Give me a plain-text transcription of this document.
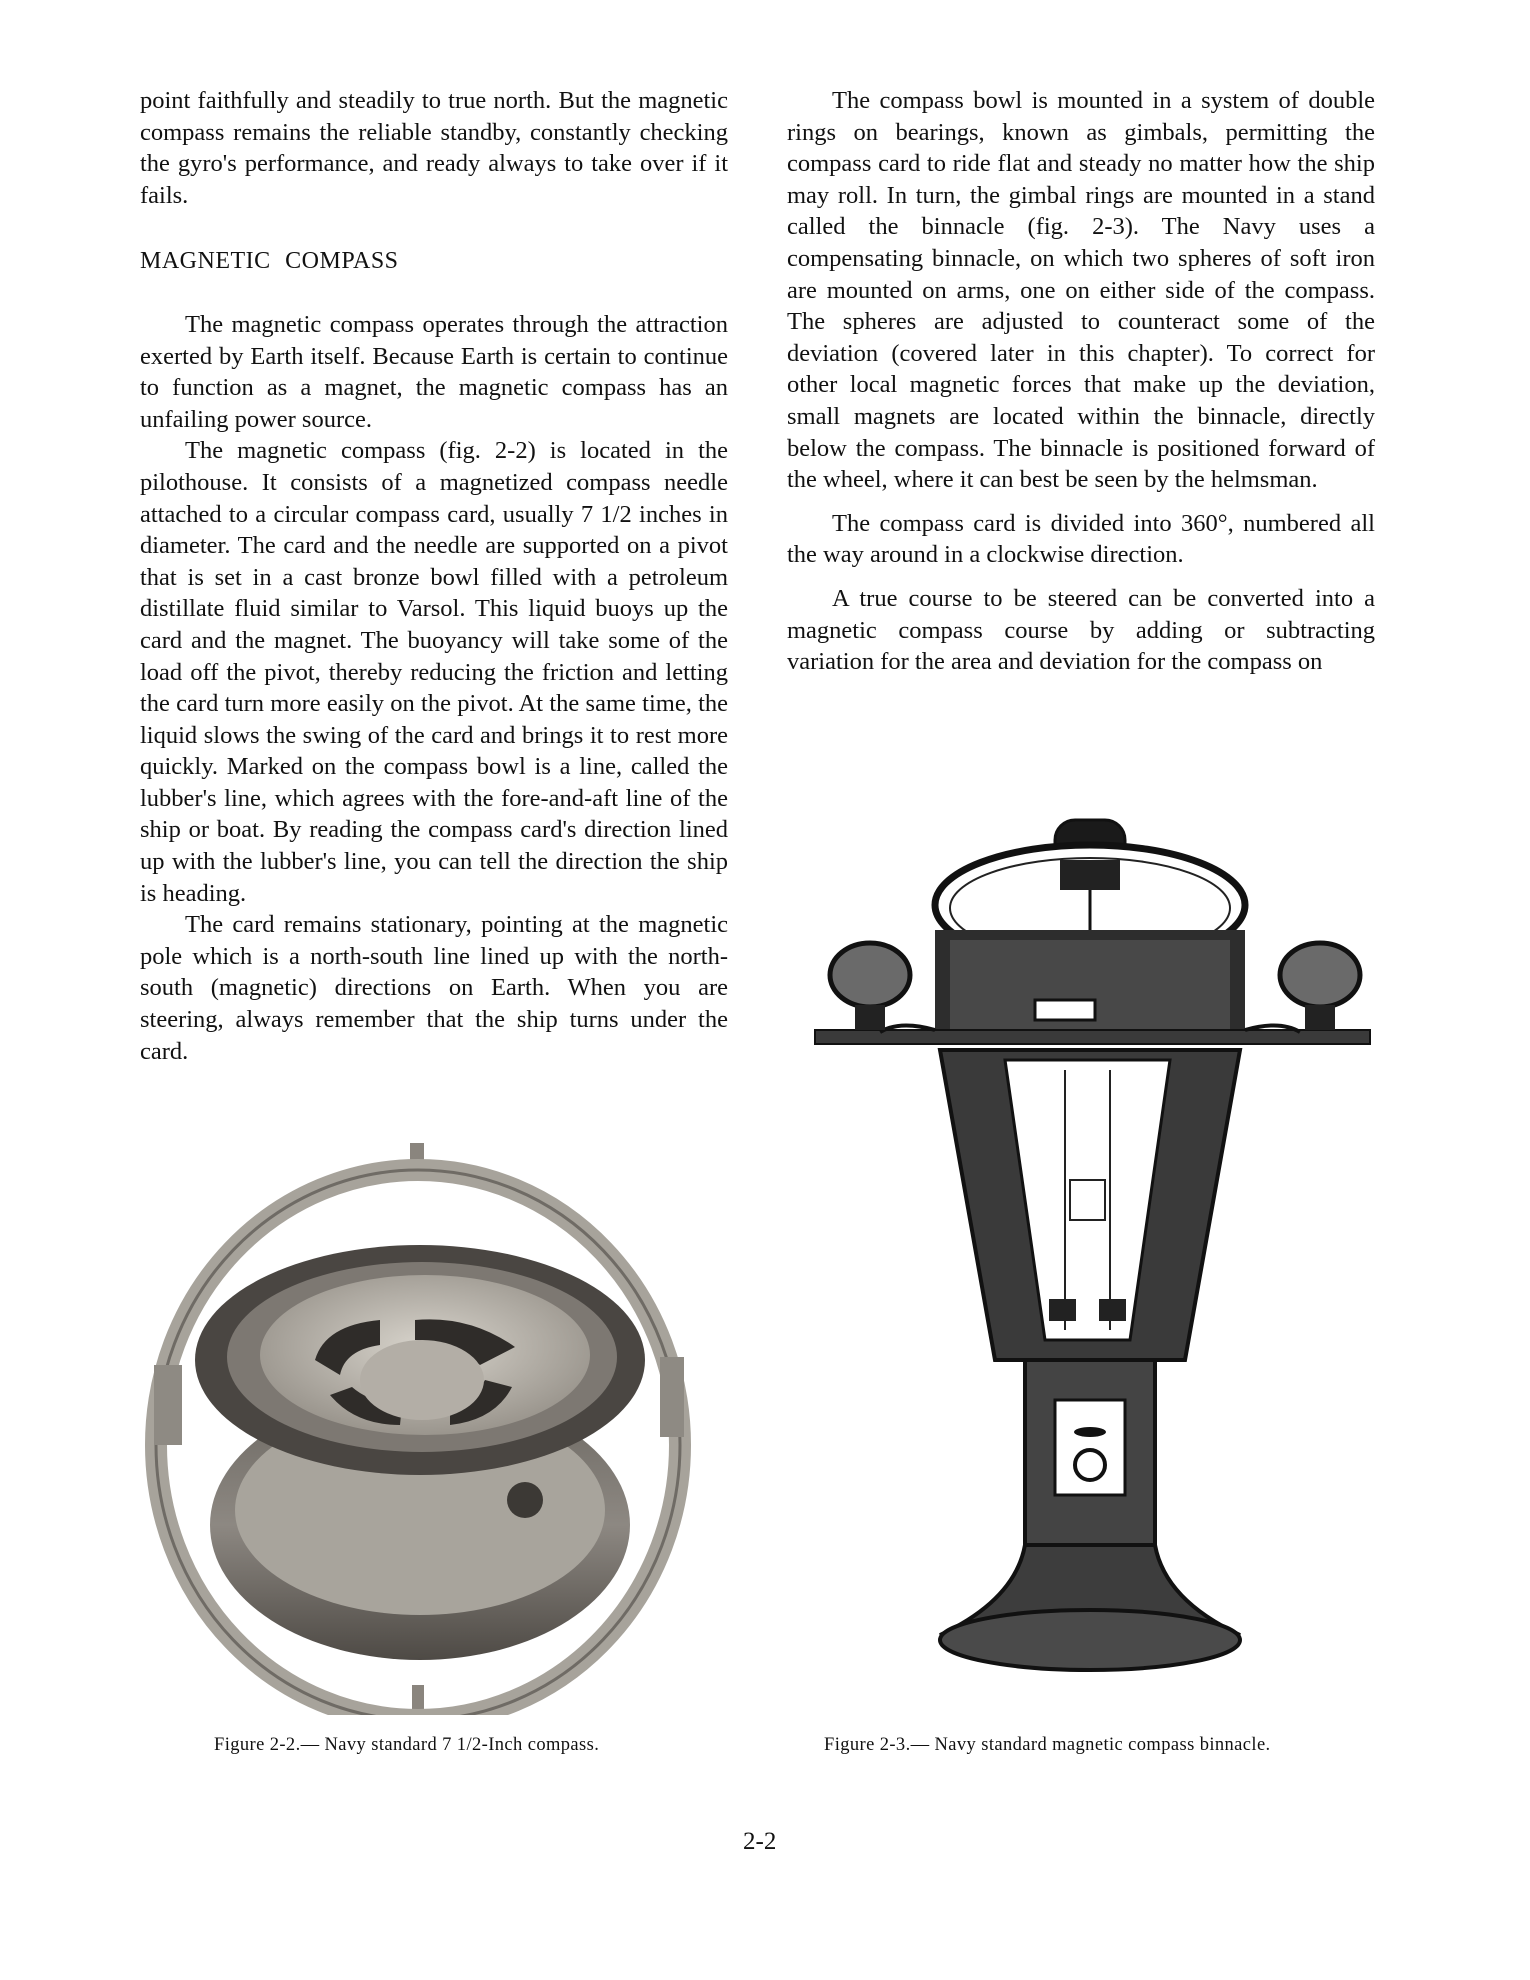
point faithfully and steadily to true north. But the magnetic compass remains the reliable standby, constantly checking the gyro's performance, and ready always to take over if it fails.

MAGNETIC COMPASS

The magnetic compass operates through the attraction exerted by Earth itself. Because Earth is certain to continue to function as a magnet, the magnetic compass has an unfailing power source.

The magnetic compass (fig. 2-2) is located in the pilothouse. It consists of a magnetized compass needle attached to a circular compass card, usually 7 1/2 inches in diameter. The card and the needle are supported on a pivot that is set in a cast bronze bowl filled with a petroleum distillate fluid similar to Varsol. This liquid buoys up the card and the magnet. The buoyancy will take some of the load off the pivot, thereby reducing the friction and letting the card turn more easily on the pivot. At the same time, the liquid slows the swing of the card and brings it to rest more quickly. Marked on the compass bowl is a line, called the lubber's line, which agrees with the fore-and-aft line of the ship or boat. By reading the compass card's direction lined up with the lubber's line, you can tell the direction the ship is heading.

The card remains stationary, pointing at the magnetic pole which is a north-south line lined up with the north-south (magnetic) directions on Earth. When you are steering, always remember that the ship turns under the card.

The compass bowl is mounted in a system of double rings on bearings, known as gimbals, permitting the compass card to ride flat and steady no matter how the ship may roll. In turn, the gimbal rings are mounted in a stand called the binnacle (fig. 2-3). The Navy uses a compensating binnacle, on which two spheres of soft iron are mounted on arms, one on either side of the compass. The spheres are adjusted to counteract some of the deviation (covered later in this chapter). To correct for other local magnetic forces that make up the deviation, small magnets are located within the binnacle, directly below the compass. The binnacle is positioned forward of the wheel, where it can best be seen by the helmsman.

The compass card is divided into 360°, numbered all the way around in a clockwise direction.

A true course to be steered can be converted into a magnetic compass course by adding or subtracting variation for the area and deviation for the compass on

Figure 2-2.— Navy standard 7 1/2-Inch compass.	Figure 2-3.— Navy standard magnetic compass binnacle.
2-2
